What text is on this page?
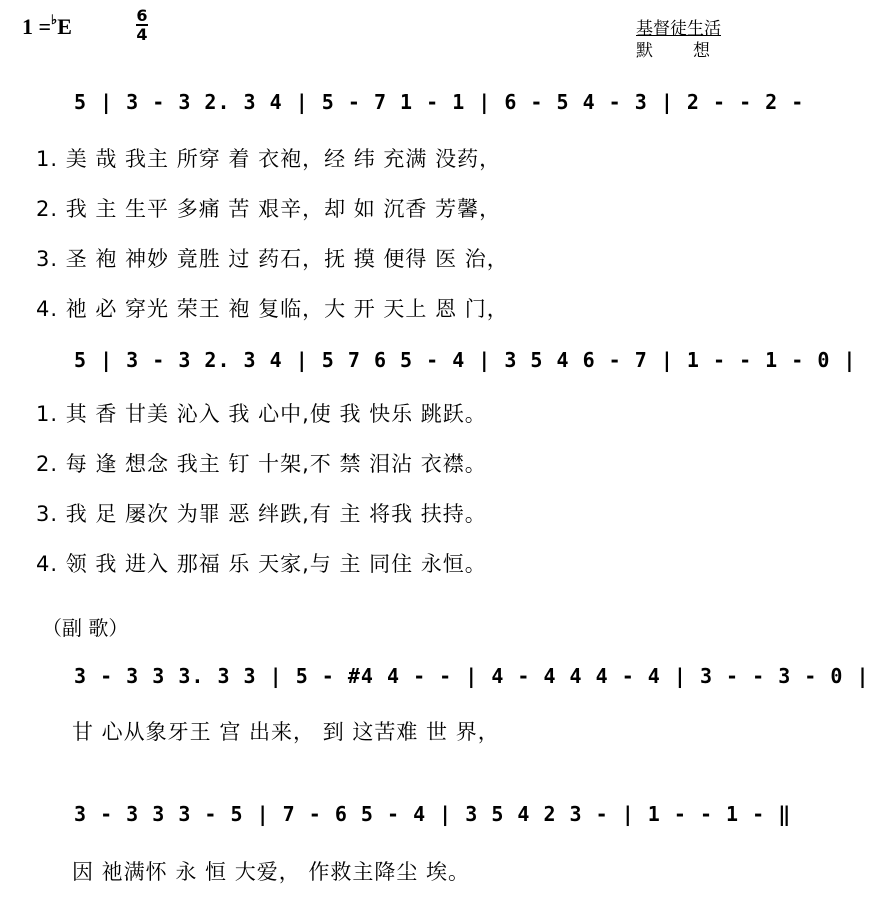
1 =♭E	6
4	基督徒生活
默想
5 | 3 - 3 2. 3 4 | 5 - 7 1 - 1 | 6 - 5 4 - 3 | 2 - - 2 -
1. 美 哉 我主 所穿 着 衣袍，经 纬 充满 没药，
2. 我 主 生平 多痛 苦 艰辛，却 如 沉香 芳馨，
3. 圣 袍 神妙 竟胜 过 药石，抚 摸 便得 医 治，
4. 祂 必 穿光 荣王 袍 复临，大 开 天上 恩 门，
5 | 3 - 3 2. 3 4 | 5 7 6 5 - 4 | 3 5 4 6 - 7 | 1 - - 1 - 0 |
1. 其 香 甘美 沁入 我 心中,使 我 快乐 跳跃。
2. 每 逢 想念 我主 钉 十架,不 禁 泪沾 衣襟。
3. 我 足 屡次 为罪 恶 绊跌,有 主 将我 扶持。
4. 领 我 进入 那福 乐 天家,与 主 同住 永恒。
（副 歌）
3 - 3 3 3. 3 3 | 5 - #4 4 - - | 4 - 4 4 4 - 4 | 3 - - 3 - 0 |
甘 心从象牙王 宫 出来， 到 这苦难 世 界，
3 - 3 3 3 - 5 | 7 - 6 5 - 4 | 3 5 4 2 3 - | 1 - - 1 - ‖
因 祂满怀 永 恒 大爱， 作救主降尘 埃。
